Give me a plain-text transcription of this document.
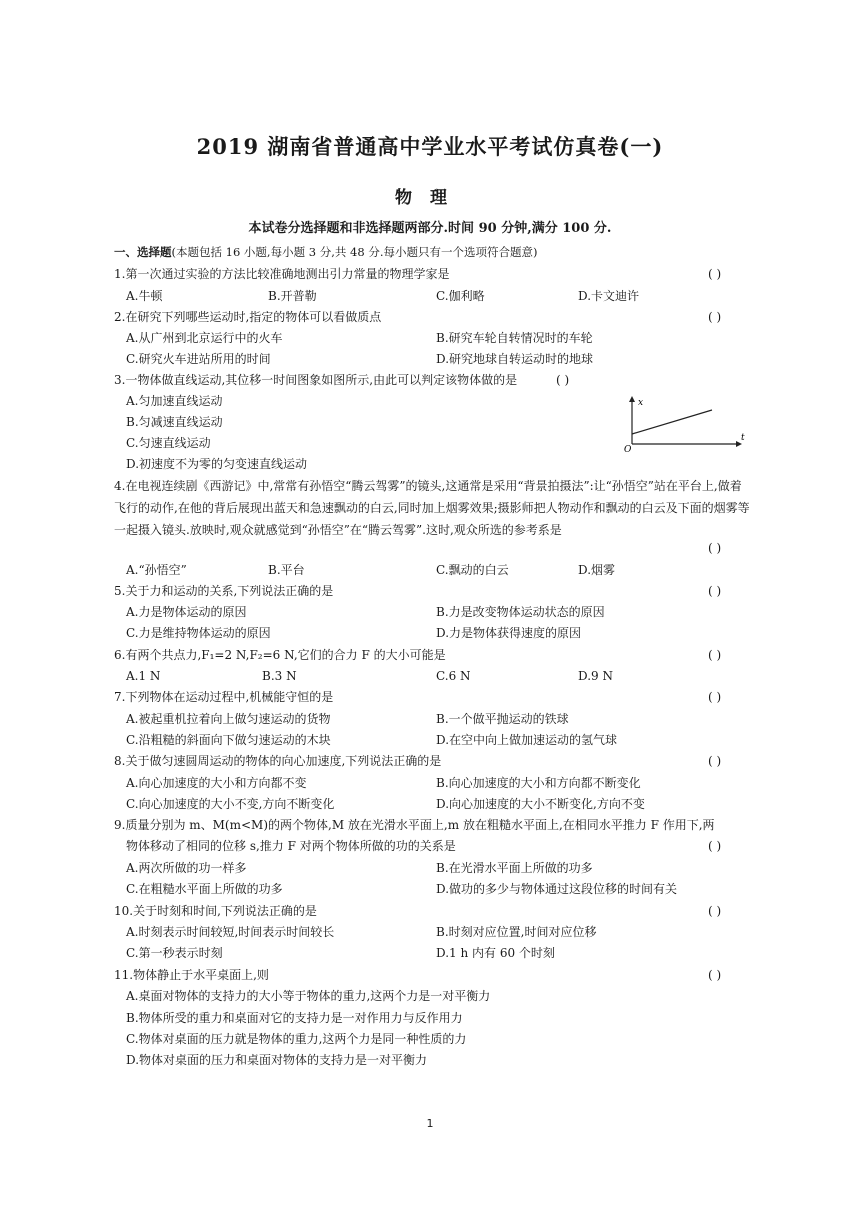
2019 湖南省普通高中学业水平考试仿真卷(一)
物理
本试卷分选择题和非选择题两部分.时间 90 分钟,满分 100 分.
一、选择题(本题包括 16 小题,每小题 3 分,共 48 分.每小题只有一个选项符合题意)
1.第一次通过实验的方法比较准确地测出引力常量的物理学家是	( )
A.牛顿	B.开普勒	C.伽利略	D.卡文迪许
2.在研究下列哪些运动时,指定的物体可以看做质点	( )
A.从广州到北京运行中的火车	B.研究车轮自转情况时的车轮
C.研究火车进站所用的时间	D.研究地球自转运动时的地球
3.一物体做直线运动,其位移一时间图象如图所示,由此可以判定该物体做的是	( )
A.匀加速直线运动
B.匀减速直线运动
C.匀速直线运动
D.初速度不为零的匀变速直线运动
x
t
O
4.在电视连续剧《西游记》中,常常有孙悟空“腾云驾雾”的镜头,这通常是采用“背景拍摄法”:让“孙悟空”站在平台上,做着飞行的动作,在他的背后展现出蓝天和急速飘动的白云,同时加上烟雾效果;摄影师把人物动作和飘动的白云及下面的烟雾等一起摄入镜头.放映时,观众就感觉到“孙悟空”在“腾云驾雾”.这时,观众所选的参考系是
( )
A.“孙悟空”	B.平台	C.飘动的白云	D.烟雾
5.关于力和运动的关系,下列说法正确的是	( )
A.力是物体运动的原因	B.力是改变物体运动状态的原因
C.力是维持物体运动的原因	D.力是物体获得速度的原因
6.有两个共点力,F₁=2 N,F₂=6 N,它们的合力 F 的大小可能是	( )
A.1 N	B.3 N	C.6 N	D.9 N
7.下列物体在运动过程中,机械能守恒的是	( )
A.被起重机拉着向上做匀速运动的货物	B.一个做平抛运动的铁球
C.沿粗糙的斜面向下做匀速运动的木块	D.在空中向上做加速运动的氢气球
8.关于做匀速圆周运动的物体的向心加速度,下列说法正确的是	( )
A.向心加速度的大小和方向都不变	B.向心加速度的大小和方向都不断变化
C.向心加速度的大小不变,方向不断变化	D.向心加速度的大小不断变化,方向不变
9.质量分别为 m、M(m<M)的两个物体,M 放在光滑水平面上,m 放在粗糙水平面上,在相同水平推力 F 作用下,两
物体移动了相同的位移 s,推力 F 对两个物体所做的功的关系是	( )
A.两次所做的功一样多	B.在光滑水平面上所做的功多
C.在粗糙水平面上所做的功多	D.做功的多少与物体通过这段位移的时间有关
10.关于时刻和时间,下列说法正确的是	( )
A.时刻表示时间较短,时间表示时间较长	B.时刻对应位置,时间对应位移
C.第一秒表示时刻	D.1 h 内有 60 个时刻
11.物体静止于水平桌面上,则	( )
A.桌面对物体的支持力的大小等于物体的重力,这两个力是一对平衡力
B.物体所受的重力和桌面对它的支持力是一对作用力与反作用力
C.物体对桌面的压力就是物体的重力,这两个力是同一种性质的力
D.物体对桌面的压力和桌面对物体的支持力是一对平衡力
1
